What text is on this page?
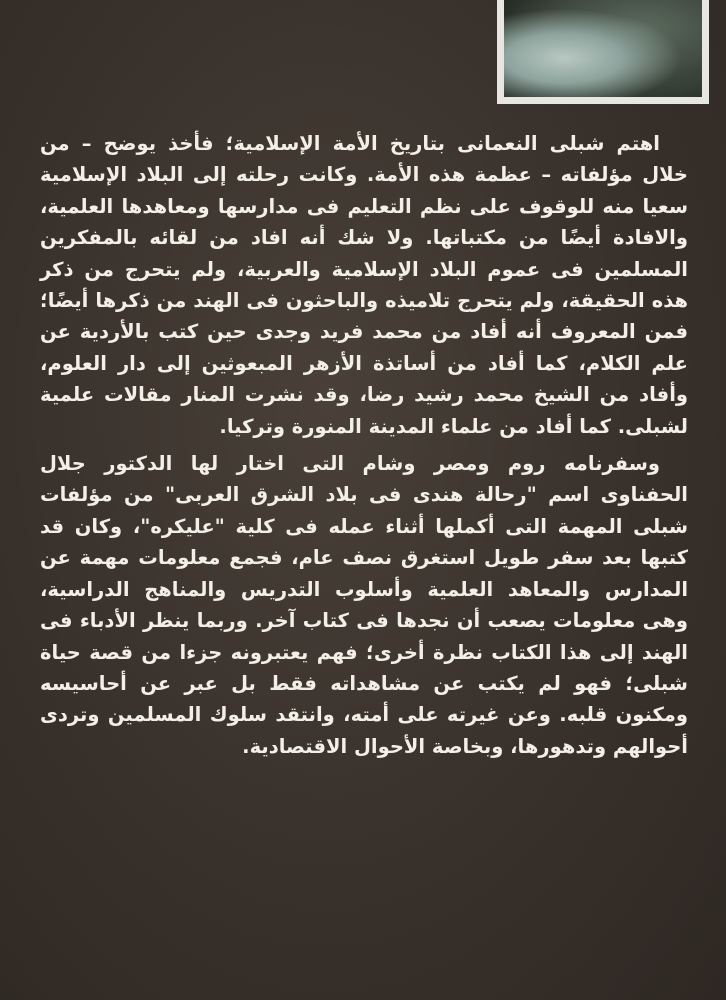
اهتم شبلى النعمانى بتاريخ الأمة الإسلامية؛ فأخذ يوضح – من خلال مؤلفاته – عظمة هذه الأمة. وكانت رحلته إلى البلاد الإسلامية سعيا منه للوقوف على نظم التعليم فى مدارسها ومعاهدها العلمية، والافادة أيضًا من مكتباتها. ولا شك أنه افاد من لقائه بالمفكرين المسلمين فى عموم البلاد الإسلامية والعربية، ولم يتحرج من ذكر هذه الحقيقة، ولم يتحرج تلاميذه والباحثون فى الهند من ذكرها أيضًا؛ فمن المعروف أنه أفاد من محمد فريد وجدى حين كتب بالأردية عن علم الكلام، كما أفاد من أساتذة الأزهر المبعوثين إلى دار العلوم، وأفاد من الشيخ محمد رشيد رضا، وقد نشرت المنار مقالات علمية لشبلى. كما أفاد من علماء المدينة المنورة وتركيا.

وسفرنامه روم ومصر وشام التى اختار لها الدكتور جلال الحفناوى اسم "رحالة هندى فى بلاد الشرق العربى" من مؤلفات شبلى المهمة التى أكملها أثناء عمله فى كلية "عليكره"، وكان قد كتبها بعد سفر طويل استغرق نصف عام، فجمع معلومات مهمة عن المدارس والمعاهد العلمية وأسلوب التدريس والمناهج الدراسية، وهى معلومات يصعب أن نجدها فى كتاب آخر. وربما ينظر الأدباء فى الهند إلى هذا الكتاب نظرة أخرى؛ فهم يعتبرونه جزءا من قصة حياة شبلى؛ فهو لم يكتب عن مشاهداته فقط بل عبر عن أحاسيسه ومكنون قلبه. وعن غيرته على أمته، وانتقد سلوك المسلمين وتردى أحوالهم وتدهورها، وبخاصة الأحوال الاقتصادية.
